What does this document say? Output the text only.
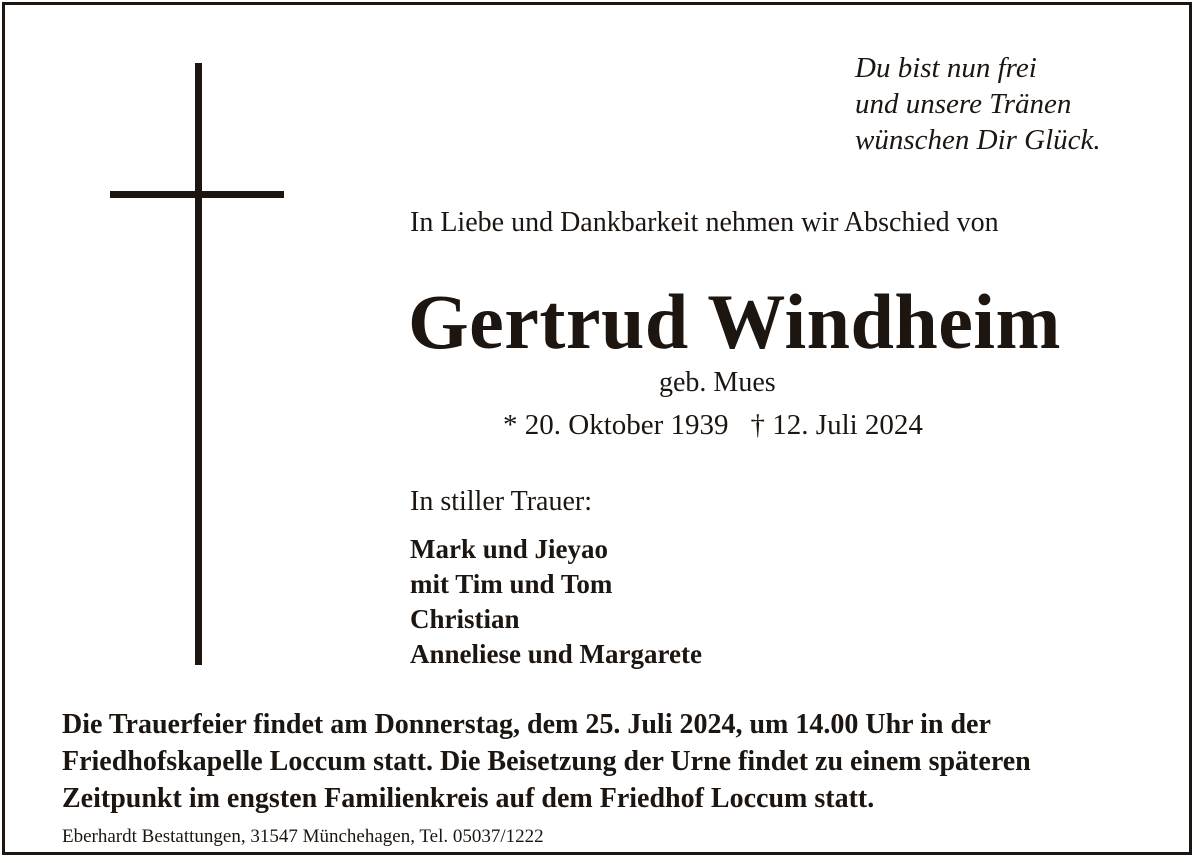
Du bist nun frei
und unsere Tränen
wünschen Dir Glück.
In Liebe und Dankbarkeit nehmen wir Abschied von
Gertrud Windheim
geb. Mues
* 20. Oktober 1939 † 12. Juli 2024
In stiller Trauer:
Mark und Jieyao
mit Tim und Tom
Christian
Anneliese und Margarete
Die Trauerfeier findet am Donnerstag, dem 25. Juli 2024, um 14.00 Uhr in der
Friedhofskapelle Loccum statt. Die Beisetzung der Urne findet zu einem späteren
Zeitpunkt im engsten Familienkreis auf dem Friedhof Loccum statt.
Eberhardt Bestattungen, 31547 Münchehagen, Tel. 05037/1222
